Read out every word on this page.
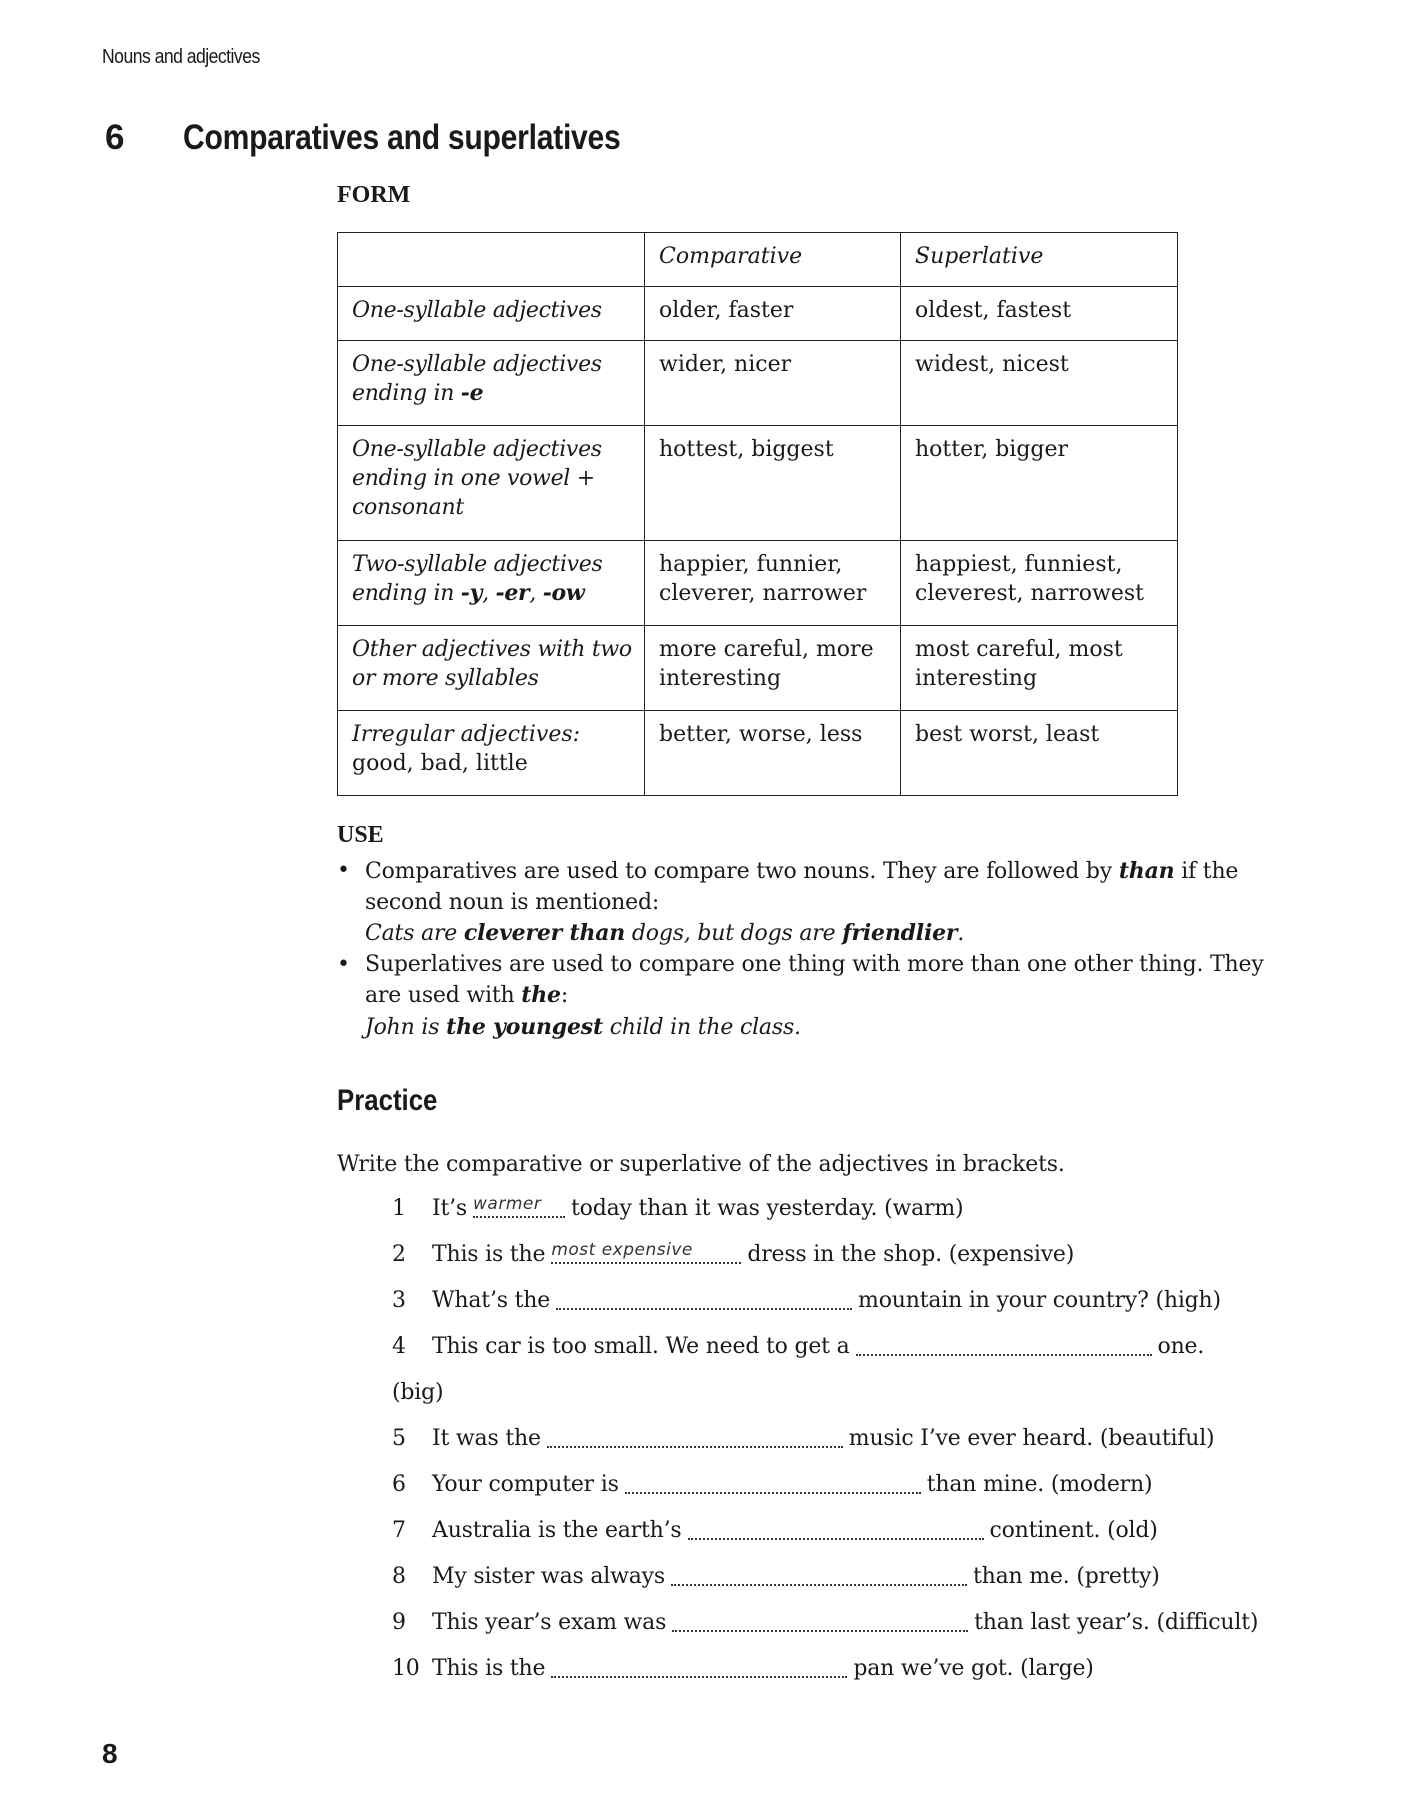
Nouns and adjectives
6 Comparatives and superlatives
FORM
	Comparative	Superlative
One-syllable adjectives	older, faster	oldest, fastest
One-syllable adjectives
ending in -e	wider, nicer	widest, nicest
One-syllable adjectives ending in one vowel + consonant	hottest, biggest	hotter, bigger
Two-syllable adjectives ending in -y, -er, -ow	happier, funnier, cleverer, narrower	happiest, funniest, cleverest, narrowest
Other adjectives with two or more syllables	more careful, more interesting	most careful, most interesting
Irregular adjectives:
good, bad, little	better, worse, less	best worst, least
USE
• Comparatives are used to compare two nouns. They are followed by than if the second noun is mentioned:
Cats are cleverer than dogs, but dogs are friendlier.
• Superlatives are used to compare one thing with more than one other thing. They are used with the:
John is the youngest child in the class.
Practice
Write the comparative or superlative of the adjectives in brackets.
1	It’s warmer today than it was yesterday. (warm)
2	This is the most expensive dress in the shop. (expensive)
3	What’s the	mountain in your country? (high)
4	This car is too small. We need to get a	one.
(big)
5	It was the	music I’ve ever heard. (beautiful)
6	Your computer is	than mine. (modern)
7	Australia is the earth’s	continent. (old)
8	My sister was always	than me. (pretty)
9	This year’s exam was	than last year’s. (difficult)
10 This is the	pan we’ve got. (large)
8
